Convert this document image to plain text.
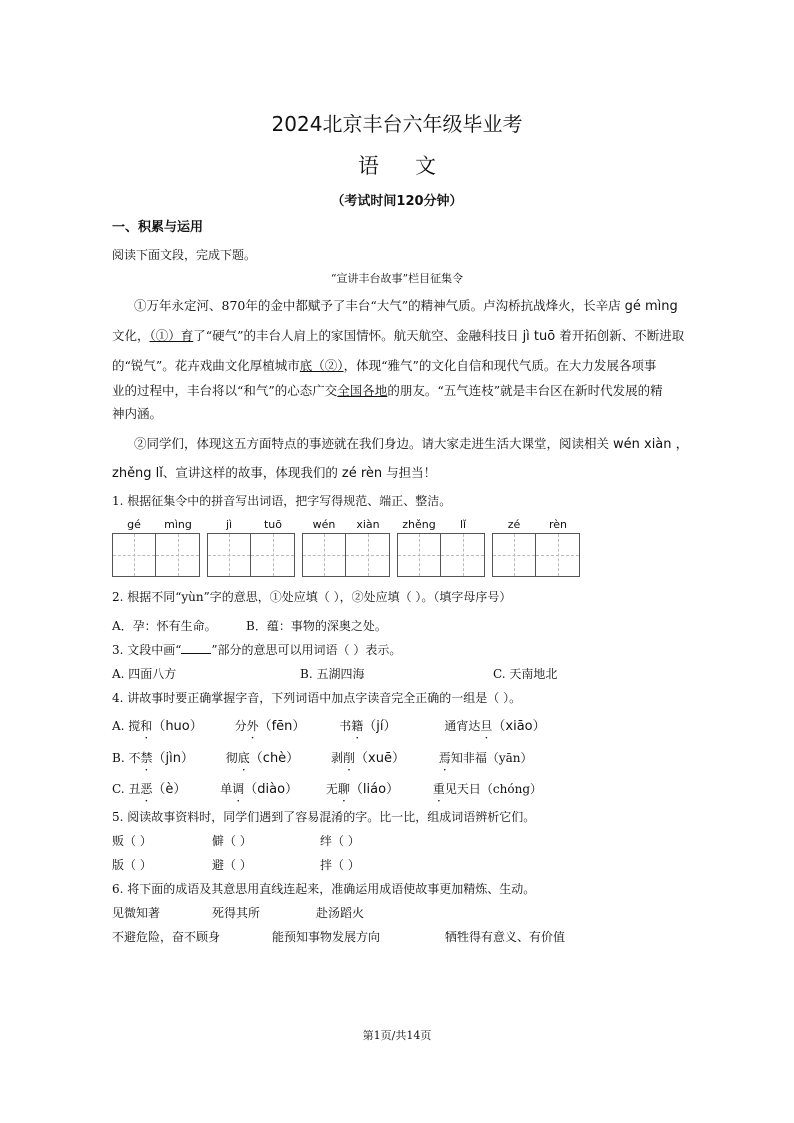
2024北京丰台六年级毕业考
语 文
（考试时间120分钟）
一、积累与运用
阅读下面文段，完成下题。
“宣讲丰台故事”栏目征集令
①万年永定河、870年的金中都赋予了丰台“大气”的精神气质。卢沟桥抗战烽火，长辛店 gé mìng
文化，（①）育了“硬气”的丰台人肩上的家国情怀。航天航空、金融科技日 jì tuō 着开拓创新、不断进取
的“锐气”。花卉戏曲文化厚植城市底（②），体现“雅气”的文化自信和现代气质。在大力发展各项事
业的过程中，丰台将以“和气”的心态广交全国各地的朋友。“五气连枝”就是丰台区在新时代发展的精
神内涵。
②同学们，体现这五方面特点的事迹就在我们身边。请大家走进生活大课堂，阅读相关 wén xiàn ，
zhěng lǐ、宣讲这样的故事，体现我们的 zé rèn 与担当！
1. 根据征集令中的拼音写出词语，把字写得规范、端正、整洁。
gé	mìng	jì	tuō	wén	xiàn	zhěng	lǐ	zé	rèn
2. 根据不同“yùn”字的意思，①处应填（ ），②处应填（ ）。（填字母序号）
A．孕：怀有生命。 B．蕴：事物的深奥之处。
3. 文段中画“	”部分的意思可以用词语（ ）表示。
A. 四面八方	B. 五湖四海	C. 天南地北
4. 讲故事时要正确掌握字音，下列词语中加点字读音完全正确的一组是（ ）。
A. 搅和（huo）	分外（fēn）	书籍（jí）	通宵达旦（xiāo）
B. 不禁（jìn）	彻底（chè）	剥削（xuē）	焉知非福（yān）
C. 丑恶（è）	单调（diào） 无聊（liáo）	重见天日（chóng）
5. 阅读故事资料时，同学们遇到了容易混淆的字。比一比，组成词语辨析它们。
贩（ ）	僻（ ）	绊（ ）
版（ ）	避（ ）	拌（ ）
6. 将下面的成语及其意思用直线连起来，准确运用成语使故事更加精炼、生动。
见微知著	死得其所	赴汤蹈火
不避危险，奋不顾身	能预知事物发展方向	牺牲得有意义、有价值
第1页/共14页
